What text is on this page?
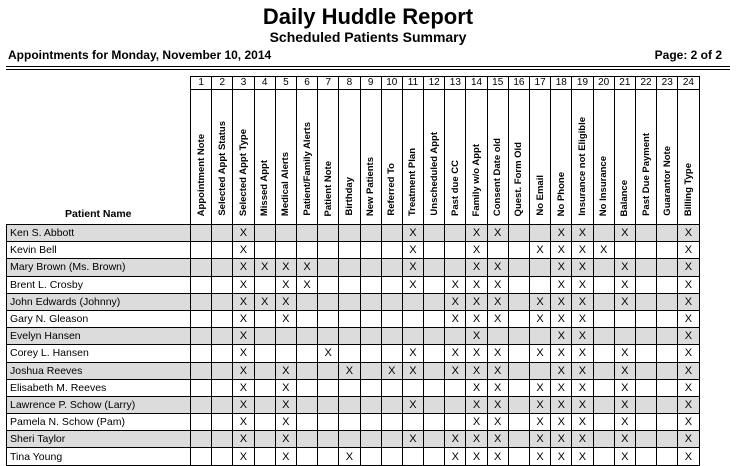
Daily Huddle Report
Scheduled Patients Summary
Appointments for Monday, November 10, 2014	Page: 2 of 2
Patient Name	1	2	3	4	5	6	7	8	9	10	11	12	13	14	15	16	17	18	19	20	21	22	23	24
	Appointment Note	Selected Appt Status	Selected Appt Type	Missed Appt	Medical Alerts	Patient/Family Alerts	Patient Note	Birthday	New Patients	Referred To	Treatment Plan	Unscheduled Appt	Past due CC	Family w/o Appt	Consent Date old	Quest. Form Old	No Email	No Phone	Insurance not Eligible	No Insurance	Balance	Past Due Payment	Guarantor Note	Billing Type
Ken S. Abbott			X								X			X	X			X	X		X			X
Kevin Bell			X								X			X			X	X	X	X				X
Mary Brown (Ms. Brown)			X	X	X	X					X			X	X			X	X		X			X
Brent L. Crosby			X		X	X					X		X	X	X			X	X		X			X
John Edwards (Johnny)			X	X	X								X	X	X		X	X	X		X			X
Gary N. Gleason			X		X								X	X	X		X	X	X					X
Evelyn Hansen			X											X				X	X					X
Corey L. Hansen			X				X				X		X	X	X		X	X	X		X			X
Joshua Reeves			X		X			X		X	X		X	X	X			X	X		X			X
Elisabeth M. Reeves			X		X									X	X		X	X	X		X			X
Lawrence P. Schow (Larry)			X		X						X			X	X		X	X	X		X			X
Pamela N. Schow (Pam)			X		X									X	X		X	X	X		X			X
Sheri Taylor			X		X						X		X	X	X		X	X	X		X			X
Tina Young			X		X			X					X	X	X		X	X	X		X			X
